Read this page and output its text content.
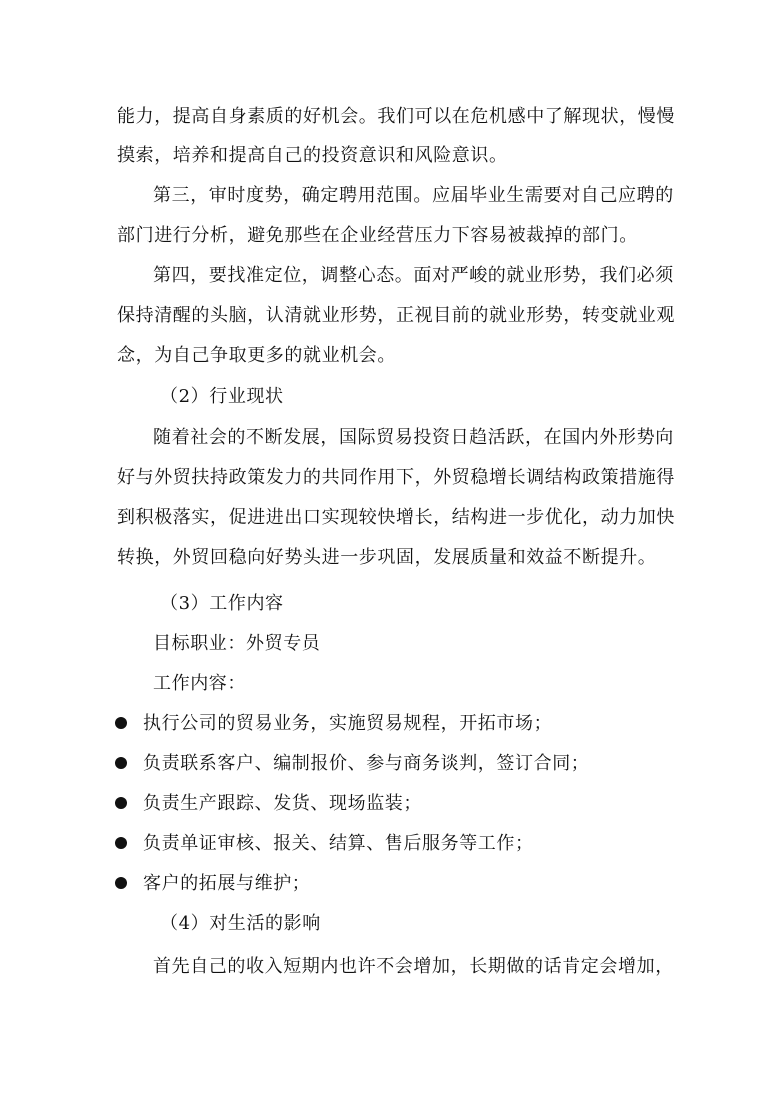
能力，提高自身素质的好机会。我们可以在危机感中了解现状，慢慢
摸索，培养和提高自己的投资意识和风险意识。
第三，审时度势，确定聘用范围。应届毕业生需要对自己应聘的
部门进行分析，避免那些在企业经营压力下容易被裁掉的部门。
第四，要找准定位，调整心态。面对严峻的就业形势，我们必须
保持清醒的头脑，认清就业形势，正视目前的就业形势，转变就业观
念，为自己争取更多的就业机会。
（2）行业现状
随着社会的不断发展，国际贸易投资日趋活跃，在国内外形势向
好与外贸扶持政策发力的共同作用下，外贸稳增长调结构政策措施得
到积极落实，促进进出口实现较快增长，结构进一步优化，动力加快
转换，外贸回稳向好势头进一步巩固，发展质量和效益不断提升。
（3）工作内容
目标职业：外贸专员
工作内容：
执行公司的贸易业务，实施贸易规程，开拓市场；
负责联系客户、编制报价、参与商务谈判，签订合同；
负责生产跟踪、发货、现场监装；
负责单证审核、报关、结算、售后服务等工作；
客户的拓展与维护；
（4）对生活的影响
首先自己的收入短期内也许不会增加，长期做的话肯定会增加，
